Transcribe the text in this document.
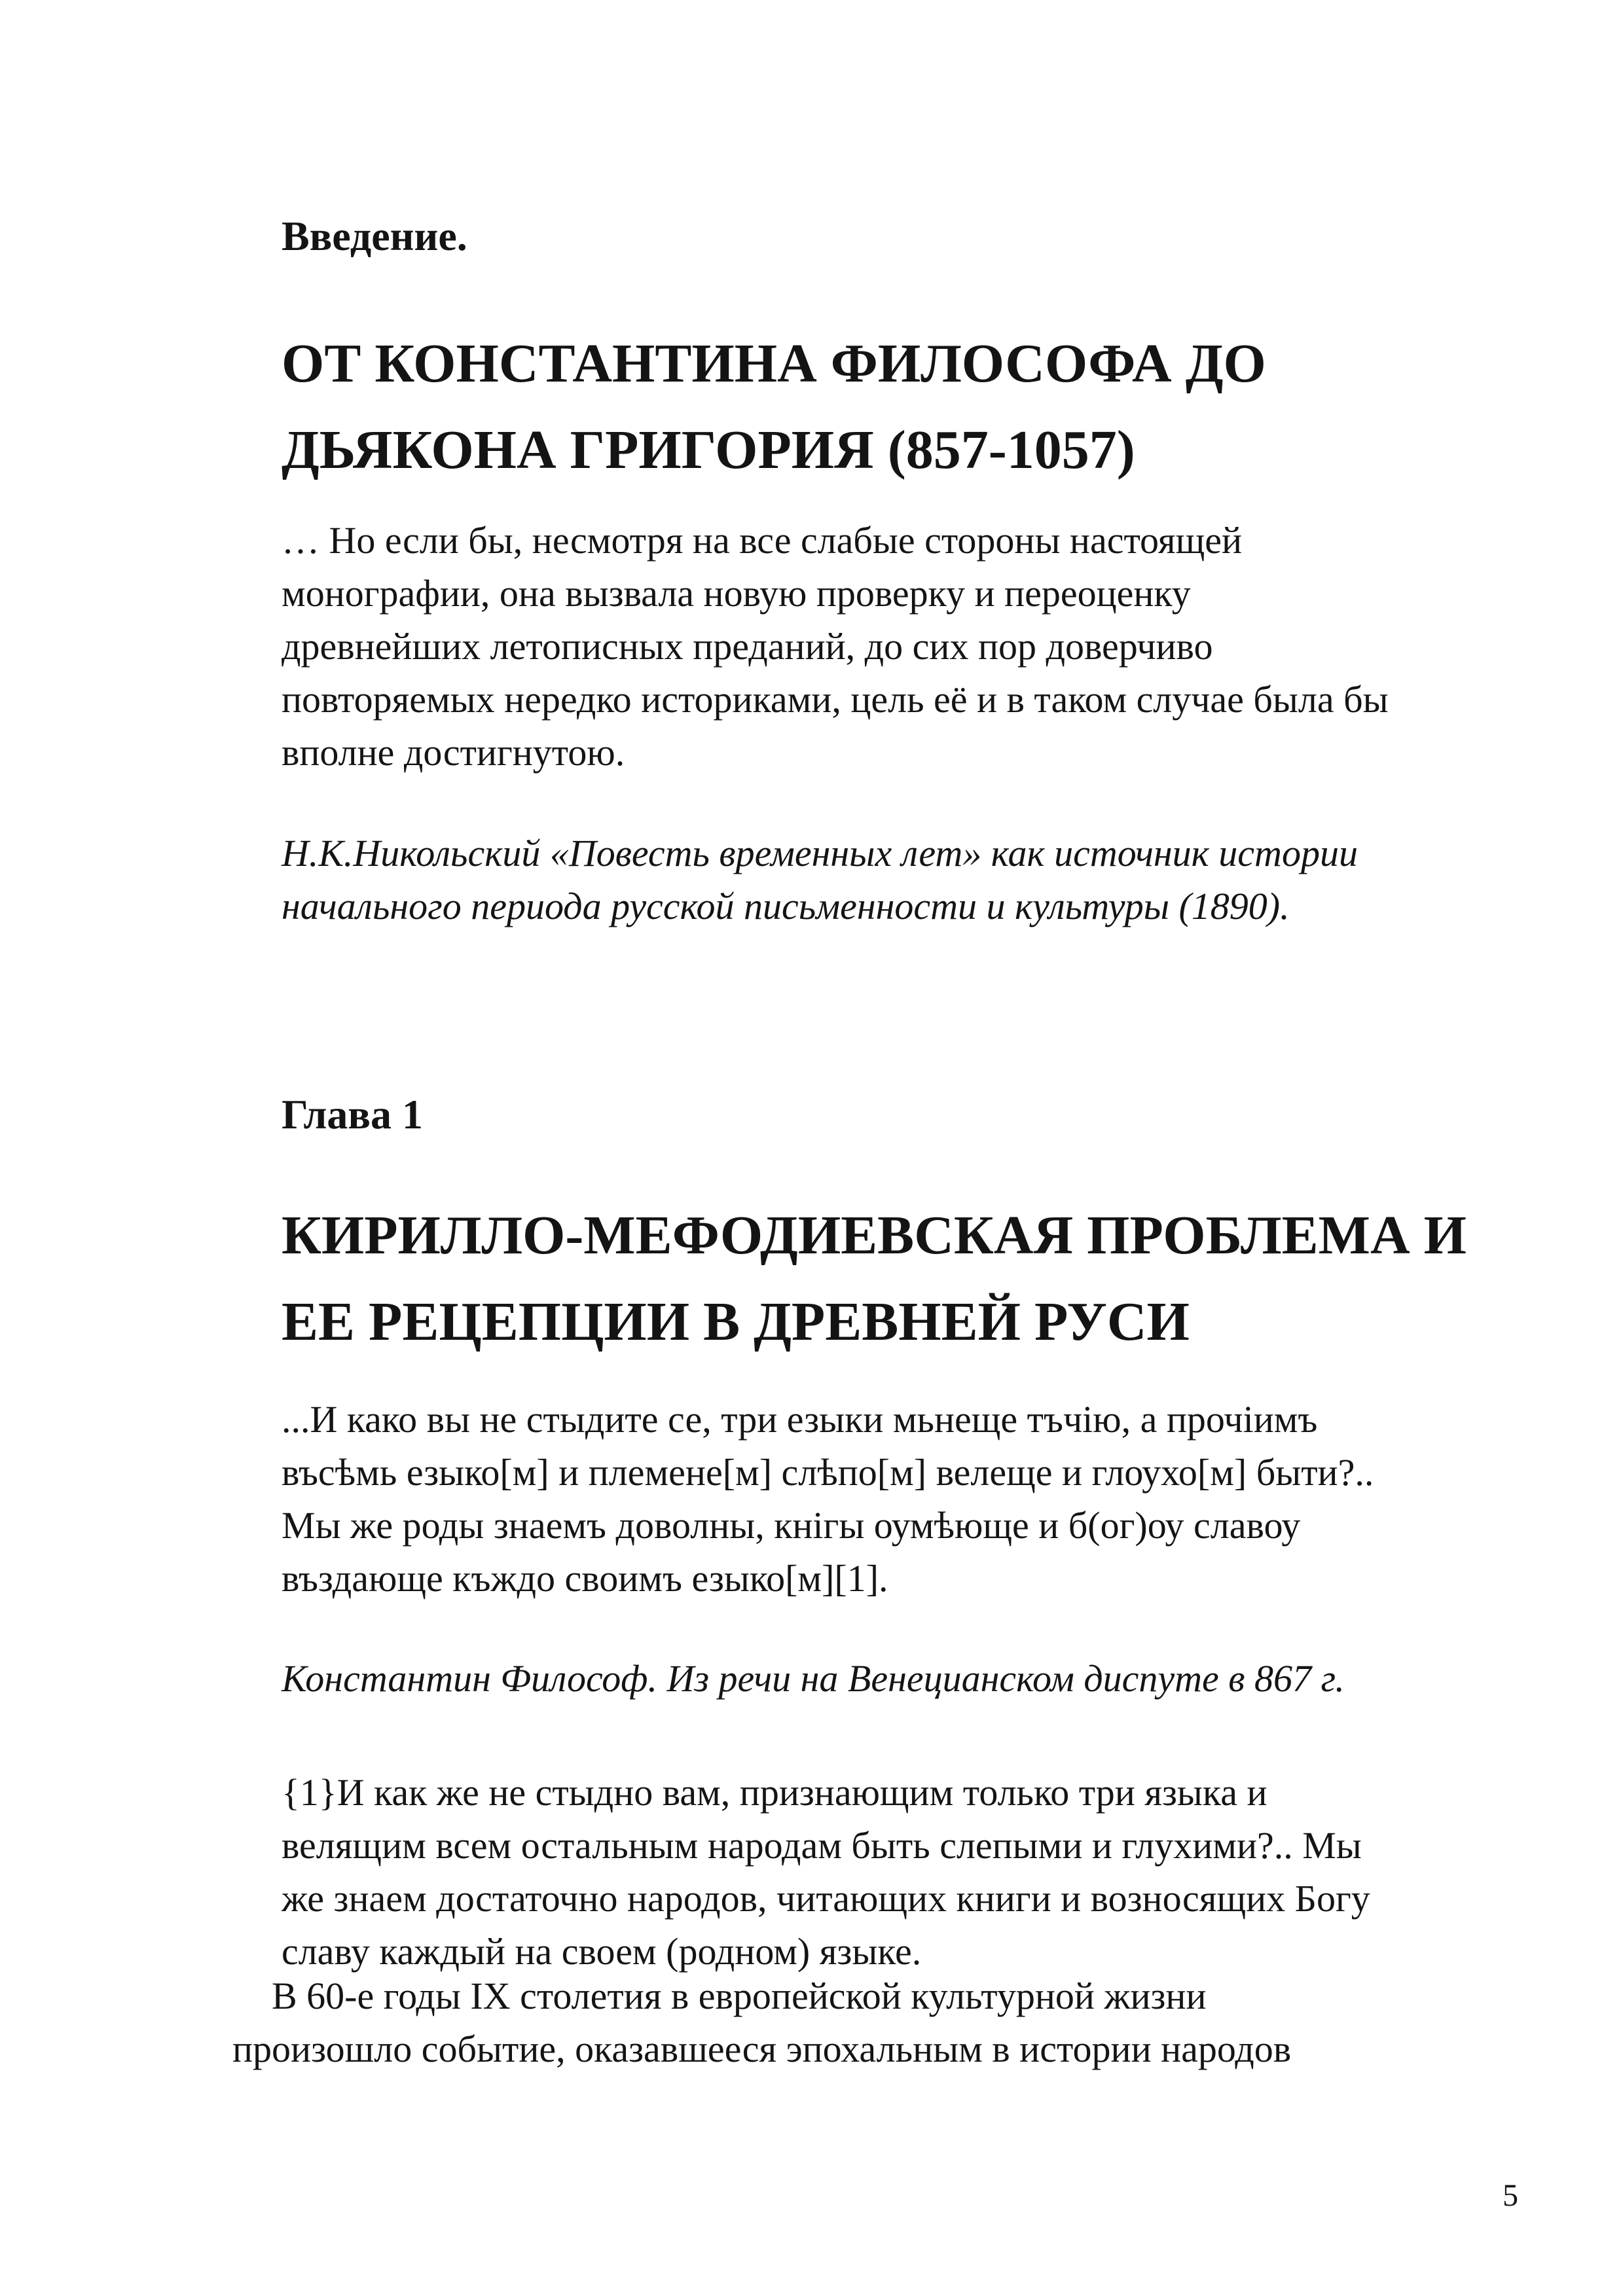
Введение.

ОТ КОНСТАНТИНА ФИЛОСОФА ДО
ДЬЯКОНА ГРИГОРИЯ (857-1057)

… Но если бы, несмотря на все слабые стороны настоящей
монографии, она вызвала новую проверку и переоценку
древнейших летописных преданий, до сих пор доверчиво
повторяемых нередко историками, цель её и в таком случае была бы
вполне достигнутою.

Н.К.Никольский «Повесть временных лет» как источник истории
начального периода русской письменности и культуры (1890).

Глава 1

КИРИЛЛО-МЕФОДИЕВСКАЯ ПРОБЛЕМА И
ЕЕ РЕЦЕПЦИИ В ДРЕВНЕЙ РУСИ

...И како вы не стыдите се, три езыки мьнеще тъчію, а прочіимъ
въсѣмь езыко[м] и племене[м] слѣпо[м] велеще и глоухо[м] быти?..
Мы же роды знаемъ доволны, кнігы оумѣюще и б(ог)оу славоу
въздающе къждо своимъ езыко[м][1].

Константин Философ. Из речи на Венецианском диспуте в 867 г.

{1}И как же не стыдно вам, признающим только три языка и
велящим всем остальным народам быть слепыми и глухими?.. Мы
же знаем достаточно народов, читающих книги и возносящих Богу
славу каждый на своем (родном) языке.

В 60-е годы IX столетия в европейской культурной жизни
произошло событие, оказавшееся эпохальным в истории народов

5
